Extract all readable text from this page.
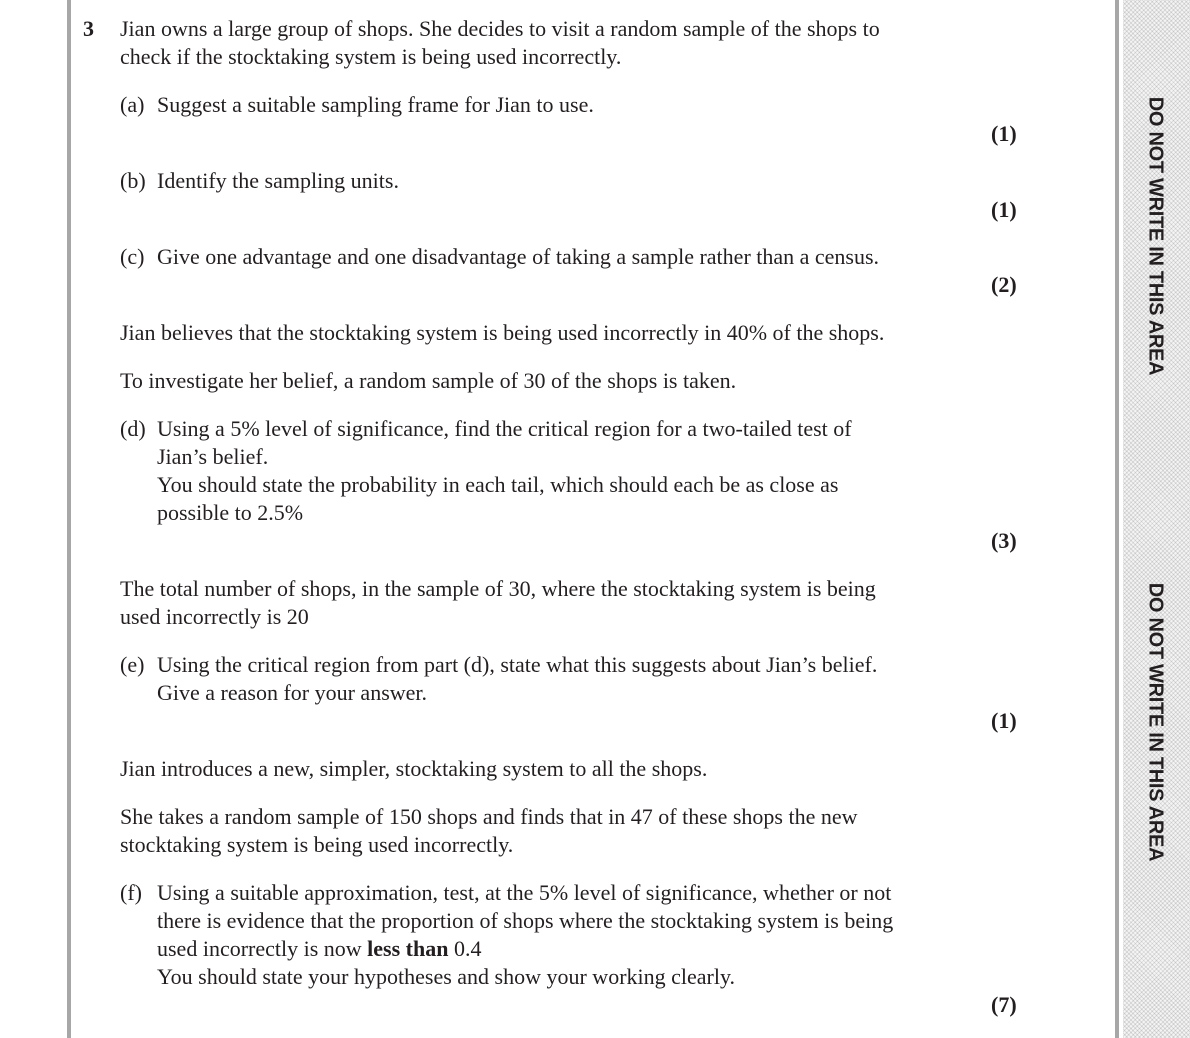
DO NOT WRITE IN THIS AREA
DO NOT WRITE IN THIS AREA
3 Jian owns a large group of shops. She decides to visit a random sample of the shops to
check if the stocktaking system is being used incorrectly.
(a) Suggest a suitable sampling frame for Jian to use.
(1)
(b) Identify the sampling units.
(1)
(c) Give one advantage and one disadvantage of taking a sample rather than a census.
(2)
Jian believes that the stocktaking system is being used incorrectly in 40% of the shops.
To investigate her belief, a random sample of 30 of the shops is taken.
(d) Using a 5% level of significance, find the critical region for a two-tailed test of
Jian’s belief.
You should state the probability in each tail, which should each be as close as
possible to 2.5%
(3)
The total number of shops, in the sample of 30, where the stocktaking system is being
used incorrectly is 20
(e) Using the critical region from part (d), state what this suggests about Jian’s belief.
Give a reason for your answer.
(1)
Jian introduces a new, simpler, stocktaking system to all the shops.
She takes a random sample of 150 shops and finds that in 47 of these shops the new
stocktaking system is being used incorrectly.
(f) Using a suitable approximation, test, at the 5% level of significance, whether or not
there is evidence that the proportion of shops where the stocktaking system is being
used incorrectly is now less than 0.4
You should state your hypotheses and show your working clearly.
(7)
